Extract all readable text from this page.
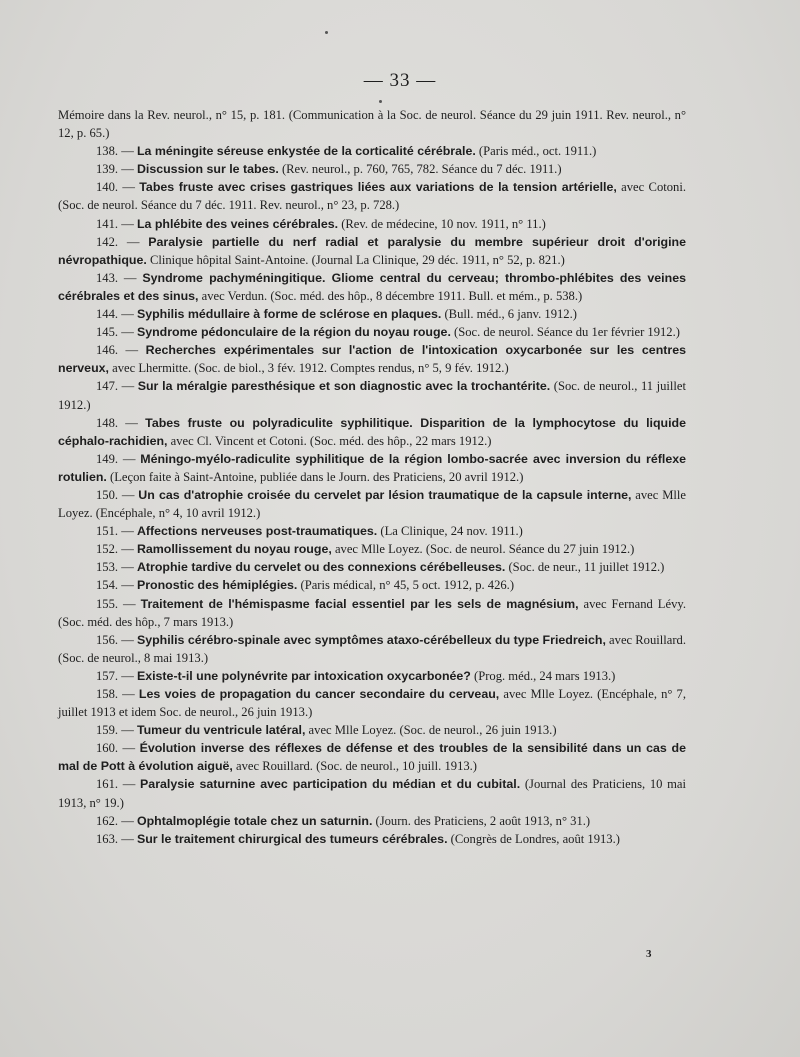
— 33 —

Mémoire dans la Rev. neurol., n° 15, p. 181. (Communication à la Soc. de neurol. Séance du 29 juin 1911. Rev. neurol., n° 12, p. 65.)

138. — La méningite séreuse enkystée de la corticalité cérébrale. (Paris méd., oct. 1911.)

139. — Discussion sur le tabes. (Rev. neurol., p. 760, 765, 782. Séance du 7 déc. 1911.)

140. — Tabes fruste avec crises gastriques liées aux variations de la tension artérielle, avec Cotoni. (Soc. de neurol. Séance du 7 déc. 1911. Rev. neurol., n° 23, p. 728.)

141. — La phlébite des veines cérébrales. (Rev. de médecine, 10 nov. 1911, n° 11.)

142. — Paralysie partielle du nerf radial et paralysie du membre supérieur droit d'origine névropathique. Clinique hôpital Saint-Antoine. (Journal La Clinique, 29 déc. 1911, n° 52, p. 821.)

143. — Syndrome pachyméningitique. Gliome central du cerveau; thrombo-phlébites des veines cérébrales et des sinus, avec Verdun. (Soc. méd. des hôp., 8 décembre 1911. Bull. et mém., p. 538.)

144. — Syphilis médullaire à forme de sclérose en plaques. (Bull. méd., 6 janv. 1912.)

145. — Syndrome pédonculaire de la région du noyau rouge. (Soc. de neurol. Séance du 1er février 1912.)

146. — Recherches expérimentales sur l'action de l'intoxication oxycarbonée sur les centres nerveux, avec Lhermitte. (Soc. de biol., 3 fév. 1912. Comptes rendus, n° 5, 9 fév. 1912.)

147. — Sur la méralgie paresthésique et son diagnostic avec la trochantérite. (Soc. de neurol., 11 juillet 1912.)

148. — Tabes fruste ou polyradiculite syphilitique. Disparition de la lymphocytose du liquide céphalo-rachidien, avec Cl. Vincent et Cotoni. (Soc. méd. des hôp., 22 mars 1912.)

149. — Méningo-myélo-radiculite syphilitique de la région lombo-sacrée avec inversion du réflexe rotulien. (Leçon faite à Saint-Antoine, publiée dans le Journ. des Praticiens, 20 avril 1912.)

150. — Un cas d'atrophie croisée du cervelet par lésion traumatique de la capsule interne, avec Mlle Loyez. (Encéphale, n° 4, 10 avril 1912.)

151. — Affections nerveuses post-traumatiques. (La Clinique, 24 nov. 1911.)

152. — Ramollissement du noyau rouge, avec Mlle Loyez. (Soc. de neurol. Séance du 27 juin 1912.)

153. — Atrophie tardive du cervelet ou des connexions cérébelleuses. (Soc. de neur., 11 juillet 1912.)

154. — Pronostic des hémiplégies. (Paris médical, n° 45, 5 oct. 1912, p. 426.)

155. — Traitement de l'hémispasme facial essentiel par les sels de magnésium, avec Fernand Lévy. (Soc. méd. des hôp., 7 mars 1913.)

156. — Syphilis cérébro-spinale avec symptômes ataxo-cérébelleux du type Friedreich, avec Rouillard. (Soc. de neurol., 8 mai 1913.)

157. — Existe-t-il une polynévrite par intoxication oxycarbonée? (Prog. méd., 24 mars 1913.)

158. — Les voies de propagation du cancer secondaire du cerveau, avec Mlle Loyez. (Encéphale, n° 7, juillet 1913 et idem Soc. de neurol., 26 juin 1913.)

159. — Tumeur du ventricule latéral, avec Mlle Loyez. (Soc. de neurol., 26 juin 1913.)

160. — Évolution inverse des réflexes de défense et des troubles de la sensibilité dans un cas de mal de Pott à évolution aiguë, avec Rouillard. (Soc. de neurol., 10 juill. 1913.)

161. — Paralysie saturnine avec participation du médian et du cubital. (Journal des Praticiens, 10 mai 1913, n° 19.)

162. — Ophtalmoplégie totale chez un saturnin. (Journ. des Praticiens, 2 août 1913, n° 31.)

163. — Sur le traitement chirurgical des tumeurs cérébrales. (Congrès de Londres, août 1913.)

3
